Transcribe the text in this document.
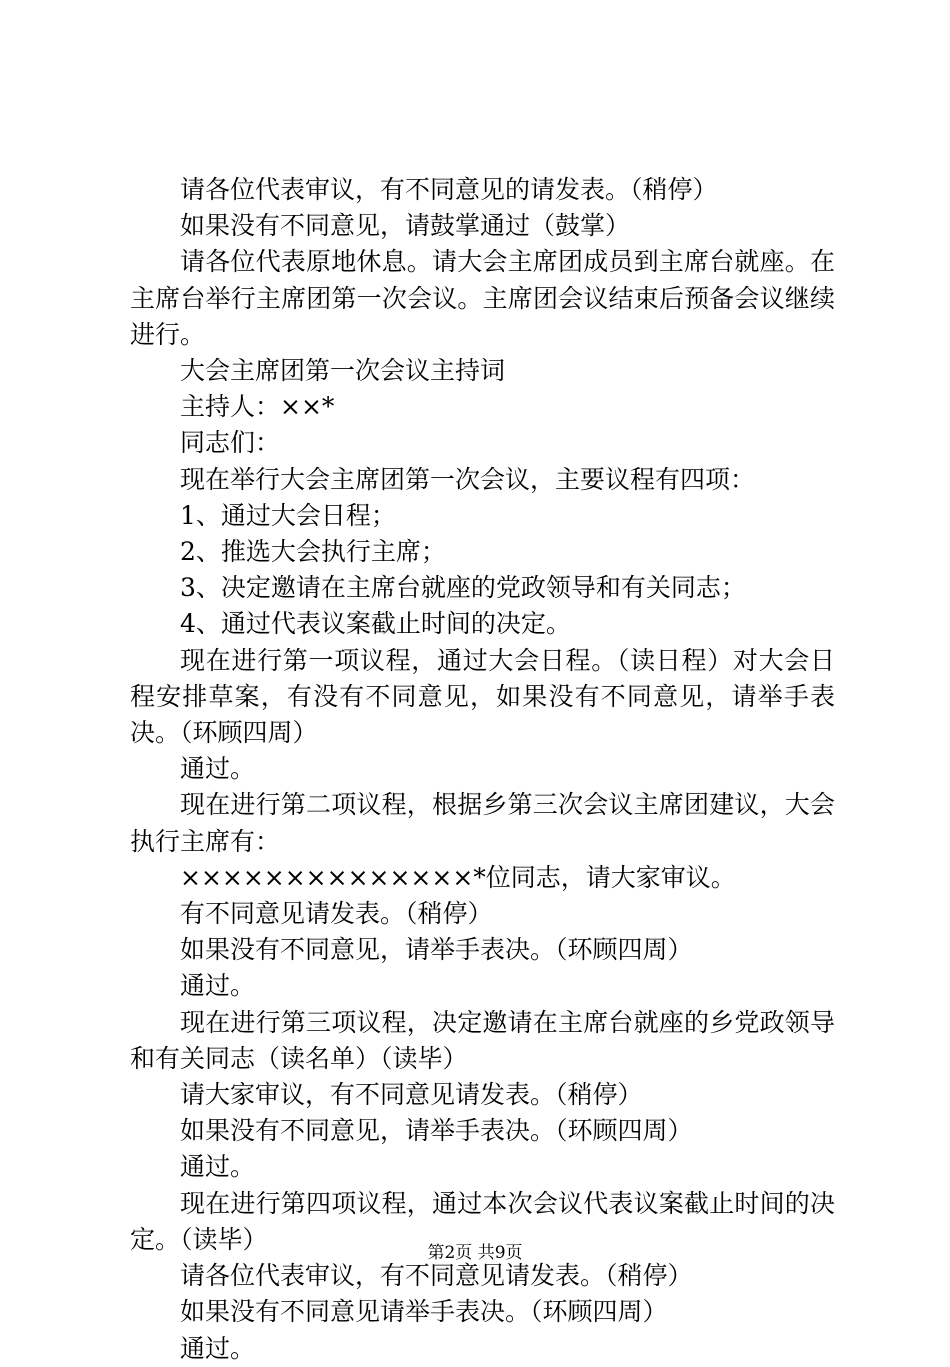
请各位代表审议，有不同意见的请发表。（稍停）

如果没有不同意见，请鼓掌通过（鼓掌）

请各位代表原地休息。请大会主席团成员到主席台就座。在主席台举行主席团第一次会议。主席团会议结束后预备会议继续进行。

大会主席团第一次会议主持词

主持人：××*

同志们：

现在举行大会主席团第一次会议，主要议程有四项：

1、通过大会日程；

2、推选大会执行主席；

3、决定邀请在主席台就座的党政领导和有关同志；

4、通过代表议案截止时间的决定。

现在进行第一项议程，通过大会日程。（读日程）对大会日程安排草案，有没有不同意见，如果没有不同意见，请举手表决。（环顾四周）

通过。

现在进行第二项议程，根据乡第三次会议主席团建议，大会执行主席有：

××××××××××××××*位同志，请大家审议。

有不同意见请发表。（稍停）

如果没有不同意见，请举手表决。（环顾四周）

通过。

现在进行第三项议程，决定邀请在主席台就座的乡党政领导和有关同志（读名单）（读毕）

请大家审议，有不同意见请发表。（稍停）

如果没有不同意见，请举手表决。（环顾四周）

通过。

现在进行第四项议程，通过本次会议代表议案截止时间的决定。（读毕）

请各位代表审议，有不同意见请发表。（稍停）

如果没有不同意见请举手表决。（环顾四周）

通过。

第2页 共9页
